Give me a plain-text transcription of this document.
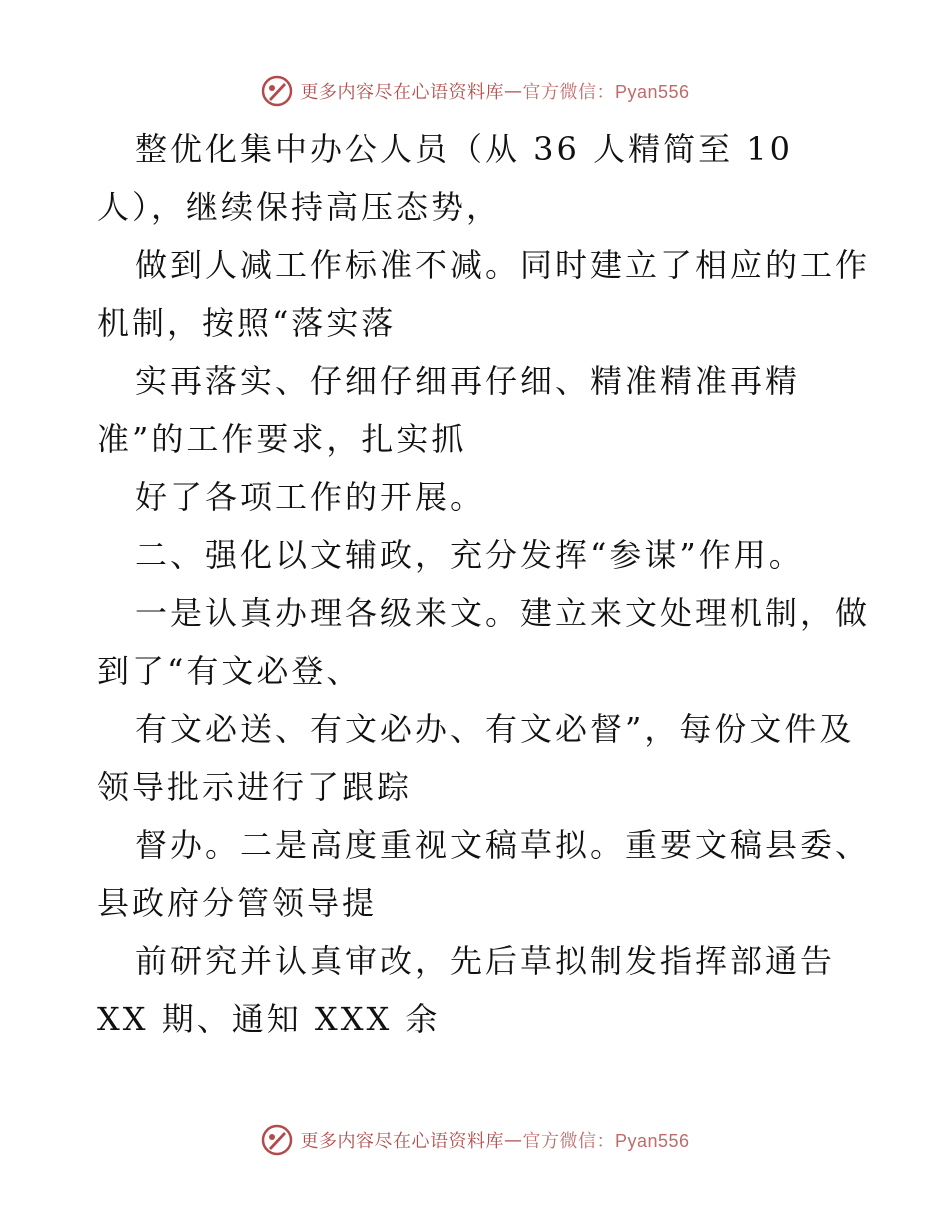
更多内容尽在心语资料库 — 官方微信：Pyan556
整优化集中办公人员（从 36 人精简至 10
人），继续保持高压态势，
做到人减工作标准不减。同时建立了相应的工作
机制，按照“落实落
实再落实、仔细仔细再仔细、精准精准再精
准”的工作要求，扎实抓
好了各项工作的开展。
二、强化以文辅政，充分发挥“参谋”作用。
一是认真办理各级来文。建立来文处理机制，做
到了“有文必登、
有文必送、有文必办、有文必督”，每份文件及
领导批示进行了跟踪
督办。二是高度重视文稿草拟。重要文稿县委、
县政府分管领导提
前研究并认真审改，先后草拟制发指挥部通告
XX 期、通知 XXX 余
更多内容尽在心语资料库 — 官方微信：Pyan556
